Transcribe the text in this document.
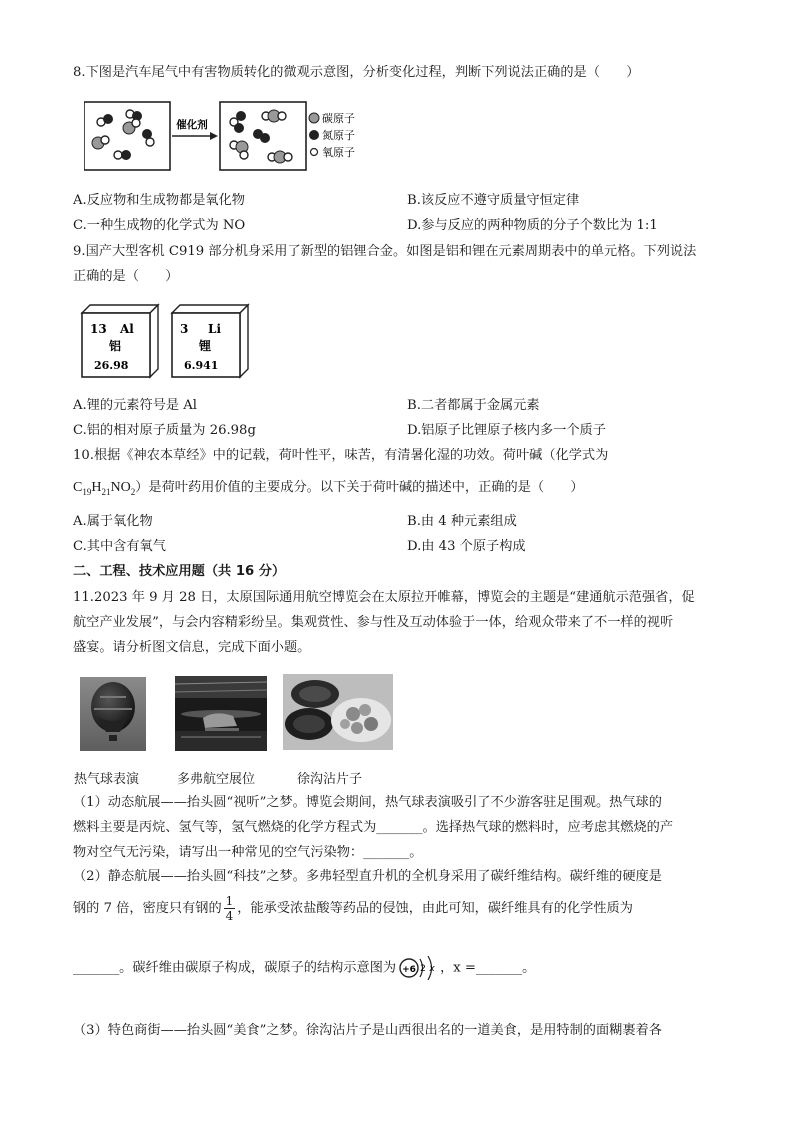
8.下图是汽车尾气中有害物质转化的微观示意图，分析变化过程，判断下列说法正确的是（　　）
催化剂	碳原子
氮原子
氧原子
A.反应物和生成物都是氧化物	B.该反应不遵守质量守恒定律
C.一种生成物的化学式为 NO	D.参与反应的两种物质的分子个数比为 1:1
9.国产大型客机 C919 部分机身采用了新型的铝锂合金。如图是铝和锂在元素周期表中的单元格。下列说法
正确的是（　　）
13 Al
铝
26.98
3 Li
锂
6.941
A.锂的元素符号是 Al	B.二者都属于金属元素
C.铝的相对原子质量为 26.98g	D.铝原子比锂原子核内多一个质子
10.根据《神农本草经》中的记载，荷叶性平，味苦，有清暑化湿的功效。荷叶碱（化学式为
$C_{19}H_{21}NO_2$）是荷叶药用价值的主要成分。以下关于荷叶碱的描述中，正确的是（　　）
A.属于氧化物	B.由 4 种元素组成
C.其中含有氧气	D.由 43 个原子构成
二、工程、技术应用题（共 16 分）
11.2023 年 9 月 28 日，太原国际通用航空博览会在太原拉开帷幕，博览会的主题是“建通航示范强省，促
航空产业发展”，与会内容精彩纷呈。集观赏性、参与性及互动体验于一体，给观众带来了不一样的视听
盛宴。请分析图文信息，完成下面小题。
热气球表演	多弗航空展位	徐沟沾片子
（1）动态航展——抬头圆“视听”之梦。博览会期间，热气球表演吸引了不少游客驻足围观。热气球的
燃料主要是丙烷、氢气等，氢气燃烧的化学方程式为_______。选择热气球的燃料时，应考虑其燃烧的产
物对空气无污染，请写出一种常见的空气污染物：_______。
（2）静态航展——抬头圆“科技”之梦。多弗轻型直升机的全机身采用了碳纤维结构。碳纤维的硬度是
钢的 7 倍，密度只有钢的 $\frac{1}{4}$ ，能承受浓盐酸等药品的侵蚀，由此可知，碳纤维具有的化学性质为
_______。碳纤维由碳原子构成，碳原子的结构示意图为 +6 2 x ，x =_______。
（3）特色商街——抬头圆“美食”之梦。徐沟沾片子是山西很出名的一道美食，是用特制的面糊裹着各
